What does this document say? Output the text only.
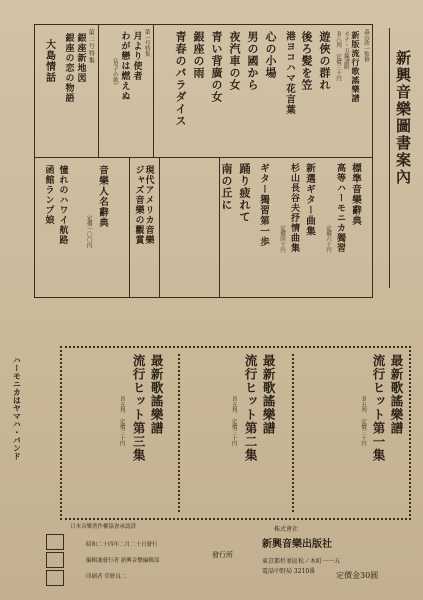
新興音樂圖書案內
森山欣一監修
新版流行歌謠樂譜
カナ・五線譜附
Ｂ六判 定價三十円
遊俠の群れ
後ろ髪を笠
港ヨコハマ花言葉
心の小場
男の國から
夜汽車の女
青い背廣の女
銀座の雨
青春のパラダイス
第一号特集
月より使者
わが戀は燃えぬ
（英子の歌）
第二号特集
銀座新地図
銀座の恋の物語
大島情話
標準音樂辭典
高等ハーモニカ獨習
定價六十円
新選ギター曲集
杉山長谷夫抒情曲集
定價四十円
ギター獨習第一歩
踊り疲れて
南の丘に
現代アメリカ音樂
ジャズ音樂の觀賞
音樂人名辭典
定價一〇〇円
憧れのハワイ航路
函館ランプ娘
ハーモニカはヤマハ・バンド	最新歌謠樂譜
流行ヒット第一集
Ｂ五判 定價三十円
最新歌謠樂譜
流行ヒット第二集
Ｂ五判 定價三十円
最新歌謠樂譜
流行ヒット第三集
Ｂ五判 定價三十円
日本音樂著作權協會承認済
昭和二十四年二月二十日發行
編輯兼發行者 新興音樂編輯部
印刷者 草野良二
發行所
株式會社
新興音樂出版社
東京都杉並區松ノ木町一一五
電話中野局 3210番	定價金30圓
